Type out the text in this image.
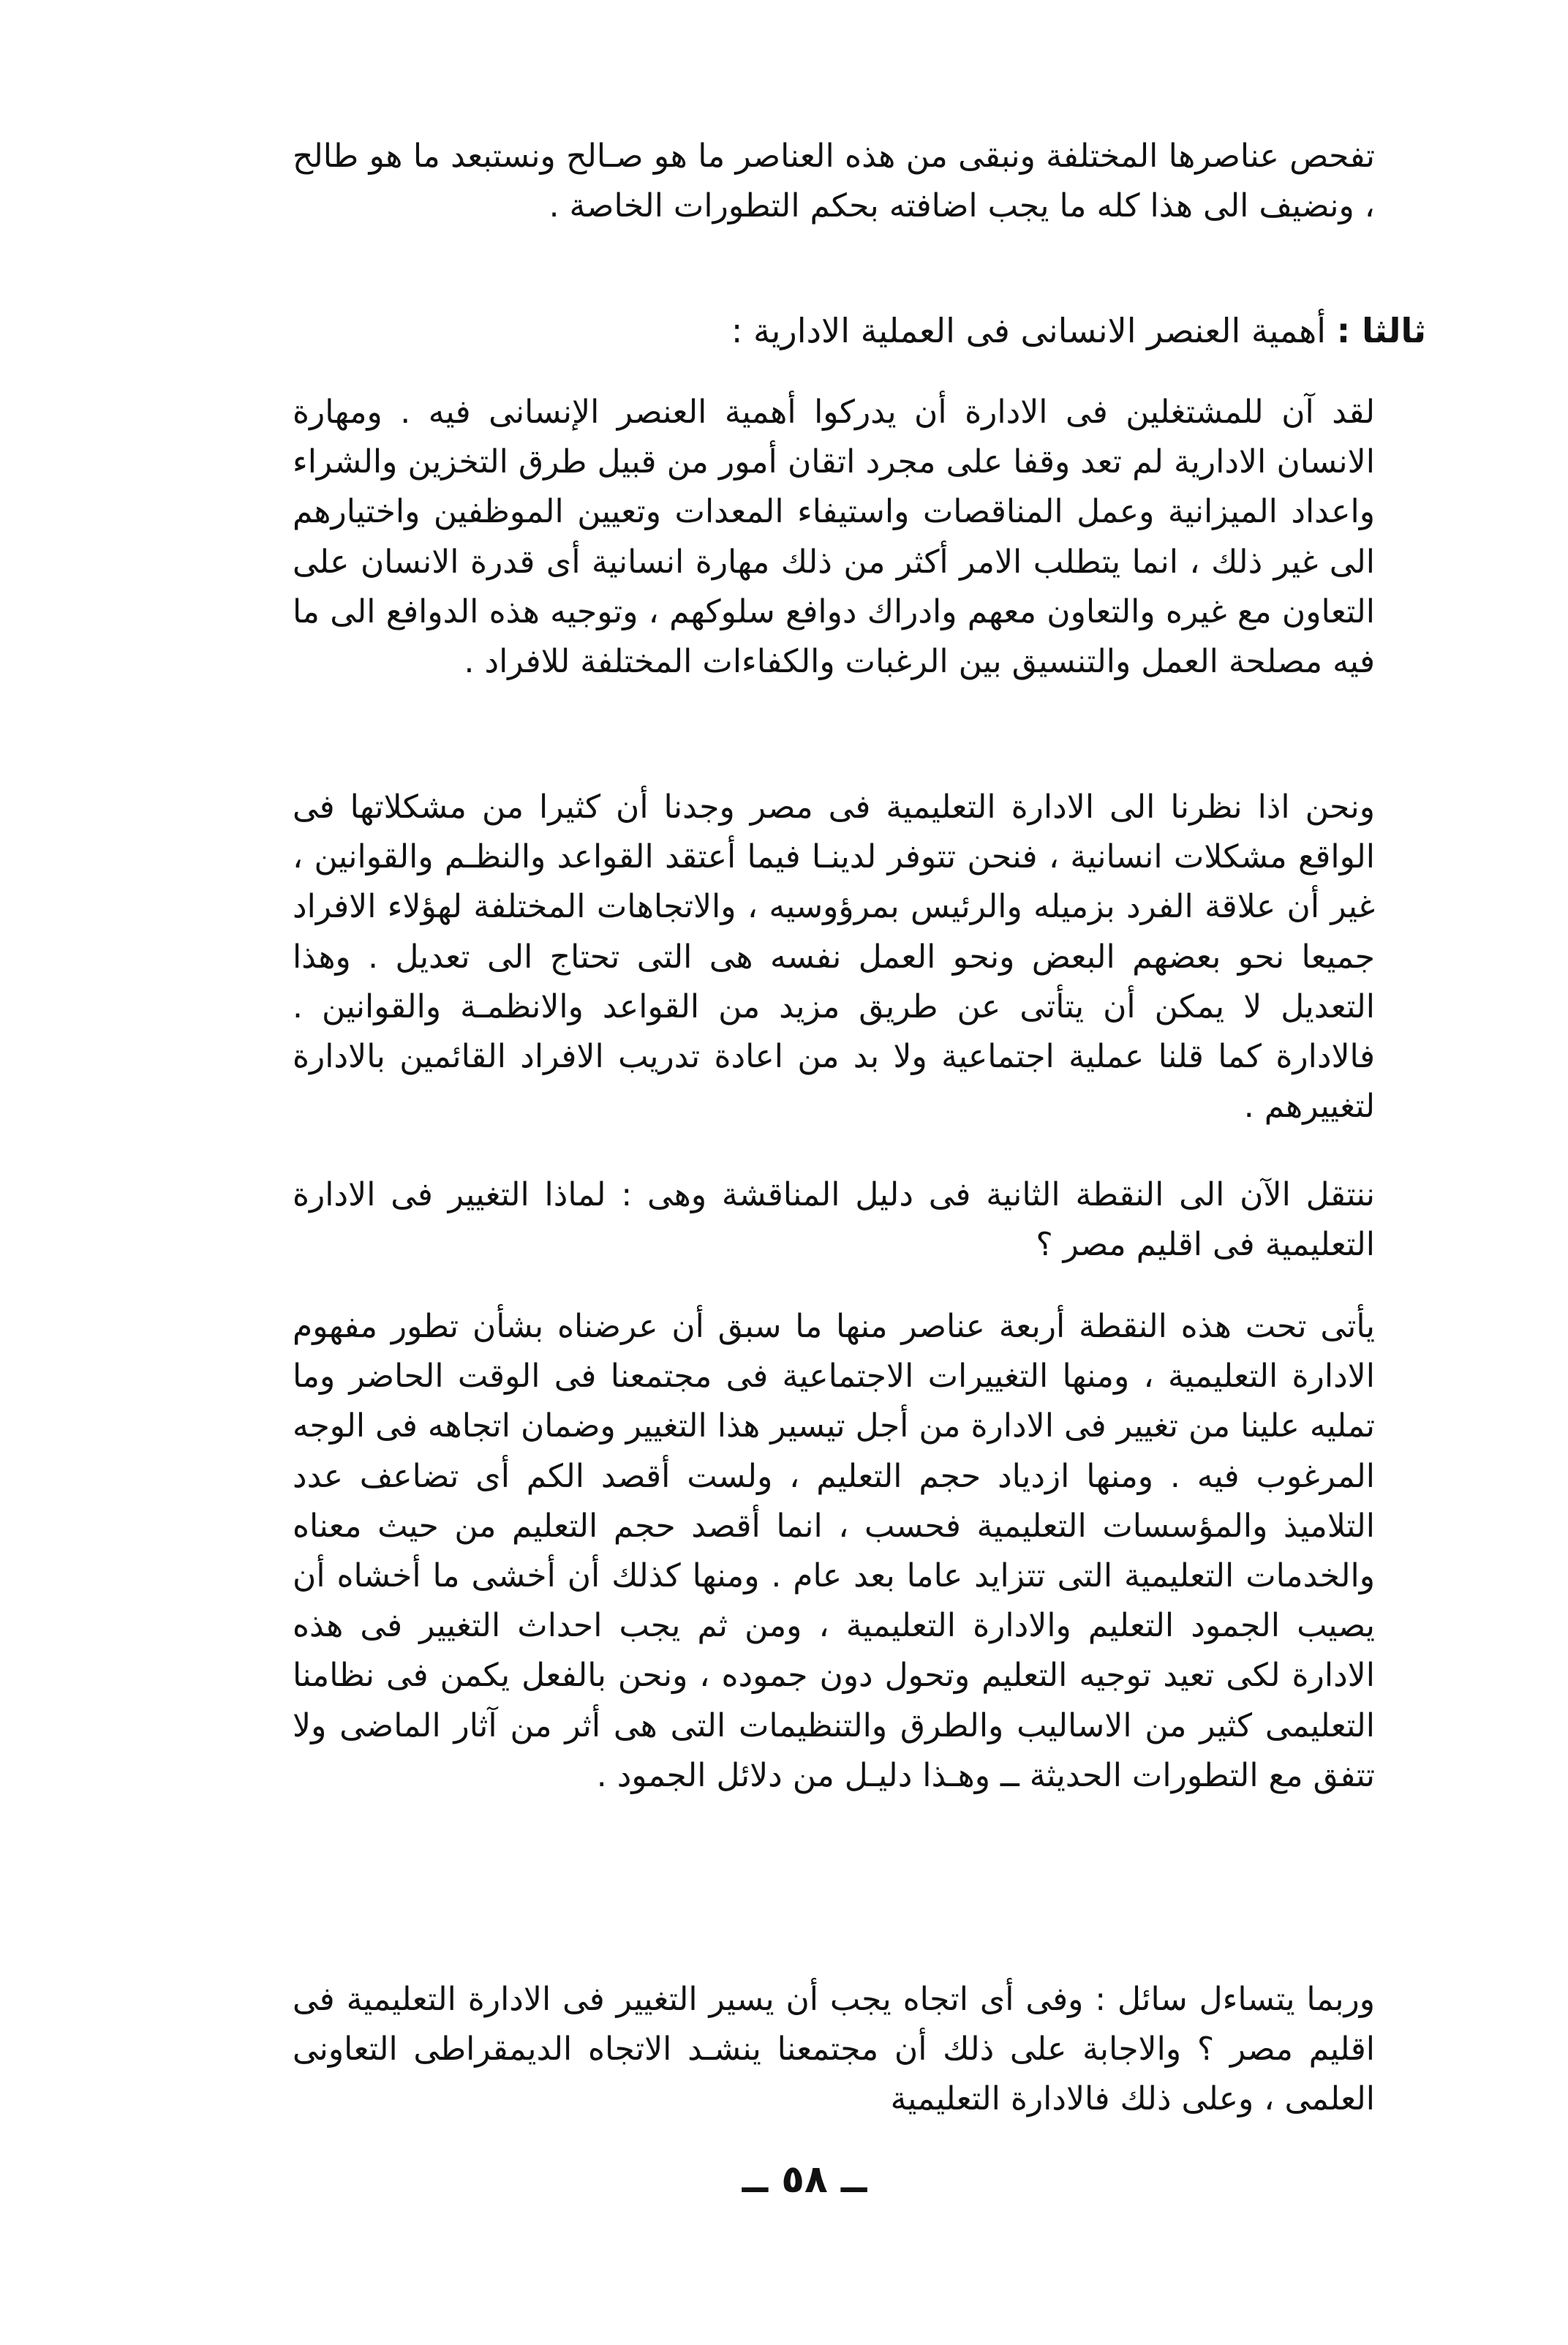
تفحص عناصرها المختلفة ونبقى من هذه العناصر ما هو صـالح ونستبعد ما هو طالح ، ونضيف الى هذا كله ما يجب اضافته بحكم التطورات الخاصة .

ثالثا : أهمية العنصر الانسانى فى العملية الادارية :

لقد آن للمشتغلين فى الادارة أن يدركوا أهمية العنصر الإنسانى فيه . ومهارة الانسان الادارية لم تعد وقفا على مجرد اتقان أمور من قبيل طرق التخزين والشراء واعداد الميزانية وعمل المناقصات واستيفاء المعدات وتعيين الموظفين واختيارهم الى غير ذلك ، انما يتطلب الامر أكثر من ذلك مهارة انسانية أى قدرة الانسان على التعاون مع غيره والتعاون معهم وادراك دوافع سلوكهم ، وتوجيه هذه الدوافع الى ما فيه مصلحة العمل والتنسيق بين الرغبات والكفاءات المختلفة للافراد .

ونحن اذا نظرنا الى الادارة التعليمية فى مصر وجدنا أن كثيرا من مشكلاتها فى الواقع مشكلات انسانية ، فنحن تتوفر لدينـا فيما أعتقد القواعد والنظـم والقوانين ، غير أن علاقة الفرد بزميله والرئيس بمرؤوسيه ، والاتجاهات المختلفة لهؤلاء الافراد جميعا نحو بعضهم البعض ونحو العمل نفسه هى التى تحتاج الى تعديل . وهذا التعديل لا يمكن أن يتأتى عن طريق مزيد من القواعد والانظمـة والقوانين . فالادارة كما قلنا عملية اجتماعية ولا بد من اعادة تدريب الافراد القائمين بالادارة لتغييرهم .

ننتقل الآن الى النقطة الثانية فى دليل المناقشة وهى : لماذا التغيير فى الادارة التعليمية فى اقليم مصر ؟

يأتى تحت هذه النقطة أربعة عناصر منها ما سبق أن عرضناه بشأن تطور مفهوم الادارة التعليمية ، ومنها التغييرات الاجتماعية فى مجتمعنا فى الوقت الحاضر وما تمليه علينا من تغيير فى الادارة من أجل تيسير هذا التغيير وضمان اتجاهه فى الوجه المرغوب فيه . ومنها ازدياد حجم التعليم ، ولست أقصد الكم أى تضاعف عدد التلاميذ والمؤسسات التعليمية فحسب ، انما أقصد حجم التعليم من حيث معناه والخدمات التعليمية التى تتزايد عاما بعد عام . ومنها كذلك أن أخشى ما أخشاه أن يصيب الجمود التعليم والادارة التعليمية ، ومن ثم يجب احداث التغيير فى هذه الادارة لكى تعيد توجيه التعليم وتحول دون جموده ، ونحن بالفعل يكمن فى نظامنا التعليمى كثير من الاساليب والطرق والتنظيمات التى هى أثر من آثار الماضى ولا تتفق مع التطورات الحديثة ــ وهـذا دليـل من دلائل الجمود .

وربما يتساءل سائل : وفى أى اتجاه يجب أن يسير التغيير فى الادارة التعليمية فى اقليم مصر ؟ والاجابة على ذلك أن مجتمعنا ينشـد الاتجاه الديمقراطى التعاونى العلمى ، وعلى ذلك فالادارة التعليمية

ــ ٥٨ ــ
